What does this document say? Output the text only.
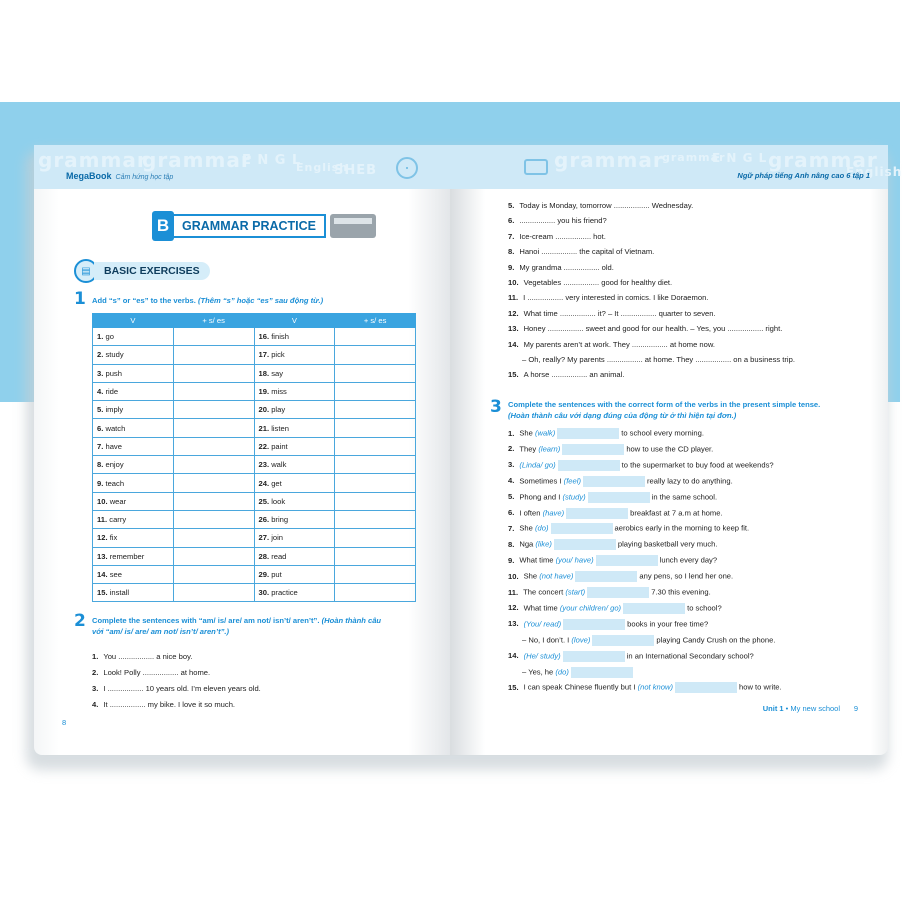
grammar
grammar
E N G L
English
SHEB
MegaBook Cảm hứng học tập
B	GRAMMAR PRACTICE
▤	BASIC EXERCISES
1 Add “s” or “es” to the verbs. (Thêm “s” hoặc “es” sau động từ.)
V	+ s/ es	V	+ s/ es
1. go		16. finish	
2. study		17. pick	
3. push		18. say	
4. ride		19. miss	
5. imply		20. play	
6. watch		21. listen	
7. have		22. paint	
8. enjoy		23. walk	
9. teach		24. get	
10. wear		25. look	
11. carry		26. bring	
12. fix		27. join	
13. remember		28. read	
14. see		29. put	
15. install		30. practice	
2 Complete the sentences with “am/ is/ are/ am not/ isn’t/ aren’t”. (Hoàn thành câu
với “am/ is/ are/ am not/ isn’t/ aren’t”.)
1. You ................. a nice boy.
2. Look! Polly ................. at home.
3. I ................. 10 years old. I’m eleven years old.
4. It ................. my bike. I love it so much.
8
grammar
grammar
E N G L grammar
English
Ngữ pháp tiếng Anh nâng cao 6 tập 1
5. Today is Monday, tomorrow ................. Wednesday.
6. ................. you his friend?
7. Ice-cream ................. hot.
8. Hanoi ................. the capital of Vietnam.
9. My grandma ................. old.
10. Vegetables ................. good for healthy diet.
11. I ................. very interested in comics. I like Doraemon.
12. What time ................. it? – It ................. quarter to seven.
13. Honey ................. sweet and good for our health. – Yes, you ................. right.
14. My parents aren’t at work. They ................. at home now.
– Oh, really? My parents ................. at home. They ................. on a business trip.
15. A horse ................. an animal.
3 Complete the sentences with the correct form of the verbs in the present simple tense.
(Hoàn thành câu với dạng đúng của động từ ở thì hiện tại đơn.)
1. She (walk)	to school every morning.
2. They (learn)	how to use the CD player.
3. (Linda/ go)	to the supermarket to buy food at weekends?
4. Sometimes I (feel)	really lazy to do anything.
5. Phong and I (study)	in the same school.
6. I often (have)	breakfast at 7 a.m at home.
7. She (do)	aerobics early in the morning to keep fit.
8. Nga (like)	playing basketball very much.
9. What time (you/ have)	lunch every day?
10. She (not have)	any pens, so I lend her one.
11. The concert (start)	7.30 this evening.
12. What time (your children/ go)	to school?
13. (You/ read)	books in your free time?
– No, I don’t. I (love)	playing Candy Crush on the phone.
14. (He/ study)	in an International Secondary school?
– Yes, he (do)
15. I can speak Chinese fluently but I (not know)	how to write.
Unit 1 • My new school 9
